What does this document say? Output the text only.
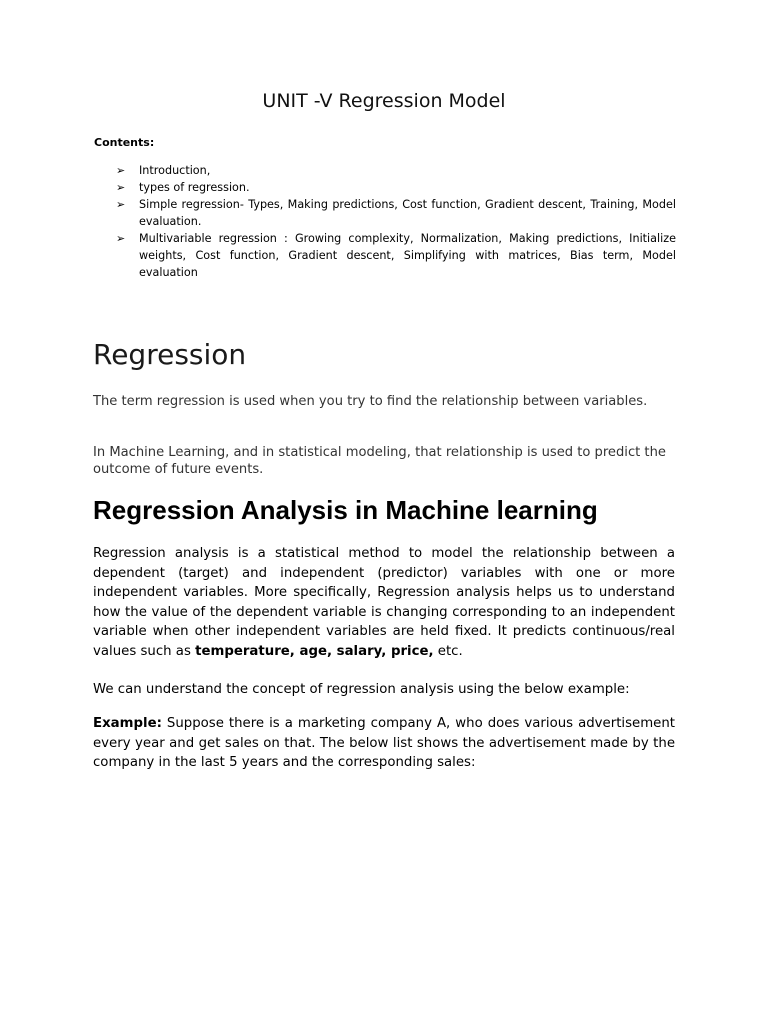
UNIT -V Regression Model
Contents:
➢ Introduction,
➢ types of regression.
➢ Simple regression- Types, Making predictions, Cost function, Gradient descent, Training, Model evaluation.
➢ Multivariable regression : Growing complexity, Normalization, Making predictions, Initialize weights, Cost function, Gradient descent, Simplifying with matrices, Bias term, Model evaluation
Regression

The term regression is used when you try to find the relationship between variables.

In Machine Learning, and in statistical modeling, that relationship is used to predict the outcome of future events.

Regression Analysis in Machine learning

Regression analysis is a statistical method to model the relationship between a dependent (target) and independent (predictor) variables with one or more independent variables. More specifically, Regression analysis helps us to understand how the value of the dependent variable is changing corresponding to an independent variable when other independent variables are held fixed. It predicts continuous/real values such as temperature, age, salary, price, etc.

We can understand the concept of regression analysis using the below example:

Example: Suppose there is a marketing company A, who does various advertisement every year and get sales on that. The below list shows the advertisement made by the company in the last 5 years and the corresponding sales:
